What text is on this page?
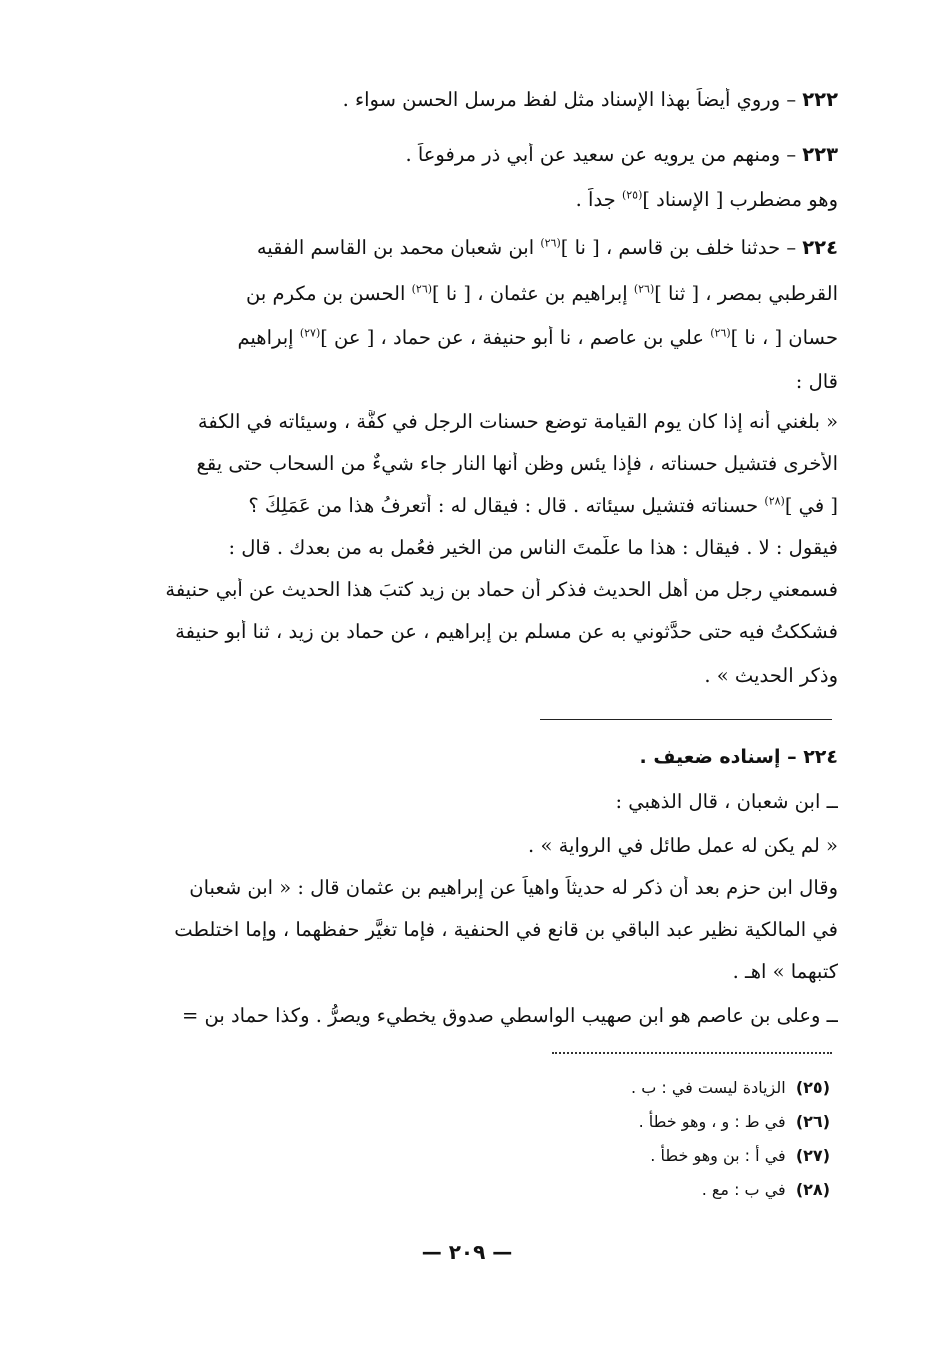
٢٢٢ – وروي أيضاً بهذا الإسناد مثل لفظ مرسل الحسن سواء .
٢٢٣ – ومنهم من يرويه عن سعيد عن أبي ذر مرفوعاً .
وهو مضطرب [ الإسناد ]$^{(٢٥)}$ جداً .
٢٢٤ – حدثنا خلف بن قاسم ، [ نا ]$^{(٢٦)}$ ابن شعبان محمد بن القاسم الفقيه
القرطبي بمصر ، [ ثنا ]$^{(٢٦)}$ إبراهيم بن عثمان ، [ نا ]$^{(٢٦)}$ الحسن بن مكرم بن
حسان [ ، نا ]$^{(٢٦)}$ علي بن عاصم ، نا أبو حنيفة ، عن حماد ، [ عن ]$^{(٢٧)}$ إبراهيم
قال :
« بلغني أنه إذا كان يوم القيامة توضع حسنات الرجل في كفَّة ، وسيئاته في الكفة
الأخرى فتشيل حسناته ، فإذا يئس وظن أنها النار جاء شيءٌ من السحاب حتى يقع
[ في ]$^{(٢٨)}$ حسناته فتشيل سيئاته . قال : فيقال له : أتعرفُ هذا من عَمَلِكَ ؟
فيقول : لا . فيقال : هذا ما علَّمتَ الناس من الخير فعُمل به من بعدك . قال :
فسمعني رجل من أهل الحديث فذكر أن حماد بن زيد كتبَ هذا الحديث عن أبي حنيفة
فشككتُ فيه حتى حدَّثوني به عن مسلم بن إبراهيم ، عن حماد بن زيد ، ثنا أبو حنيفة
وذكر الحديث » .
٢٢٤ – إسناده ضعيف .
ــ ابن شعبان ، قال الذهبي :
« لم يكن له عمل طائل في الرواية » .
وقال ابن حزم بعد أن ذكر له حديثاً واهياً عن إبراهيم بن عثمان قال : « ابن شعبان
في المالكية نظير عبد الباقي بن قانع في الحنفية ، فإما تغيَّر حفظهما ، وإما اختلطت
كتبهما » اهـ .
ــ وعلى بن عاصم هو ابن صهيب الواسطي صدوق يخطيء ويصرُّ . وكذا حماد بن =
(٢٥)  الزيادة ليست في : ب .
(٢٦)  في ط : و ، وهو خطأ .
(٢٧)  في أ : بن وهو خطأ .
(٢٨)  في ب : مع .
— ٢٠٩ —
